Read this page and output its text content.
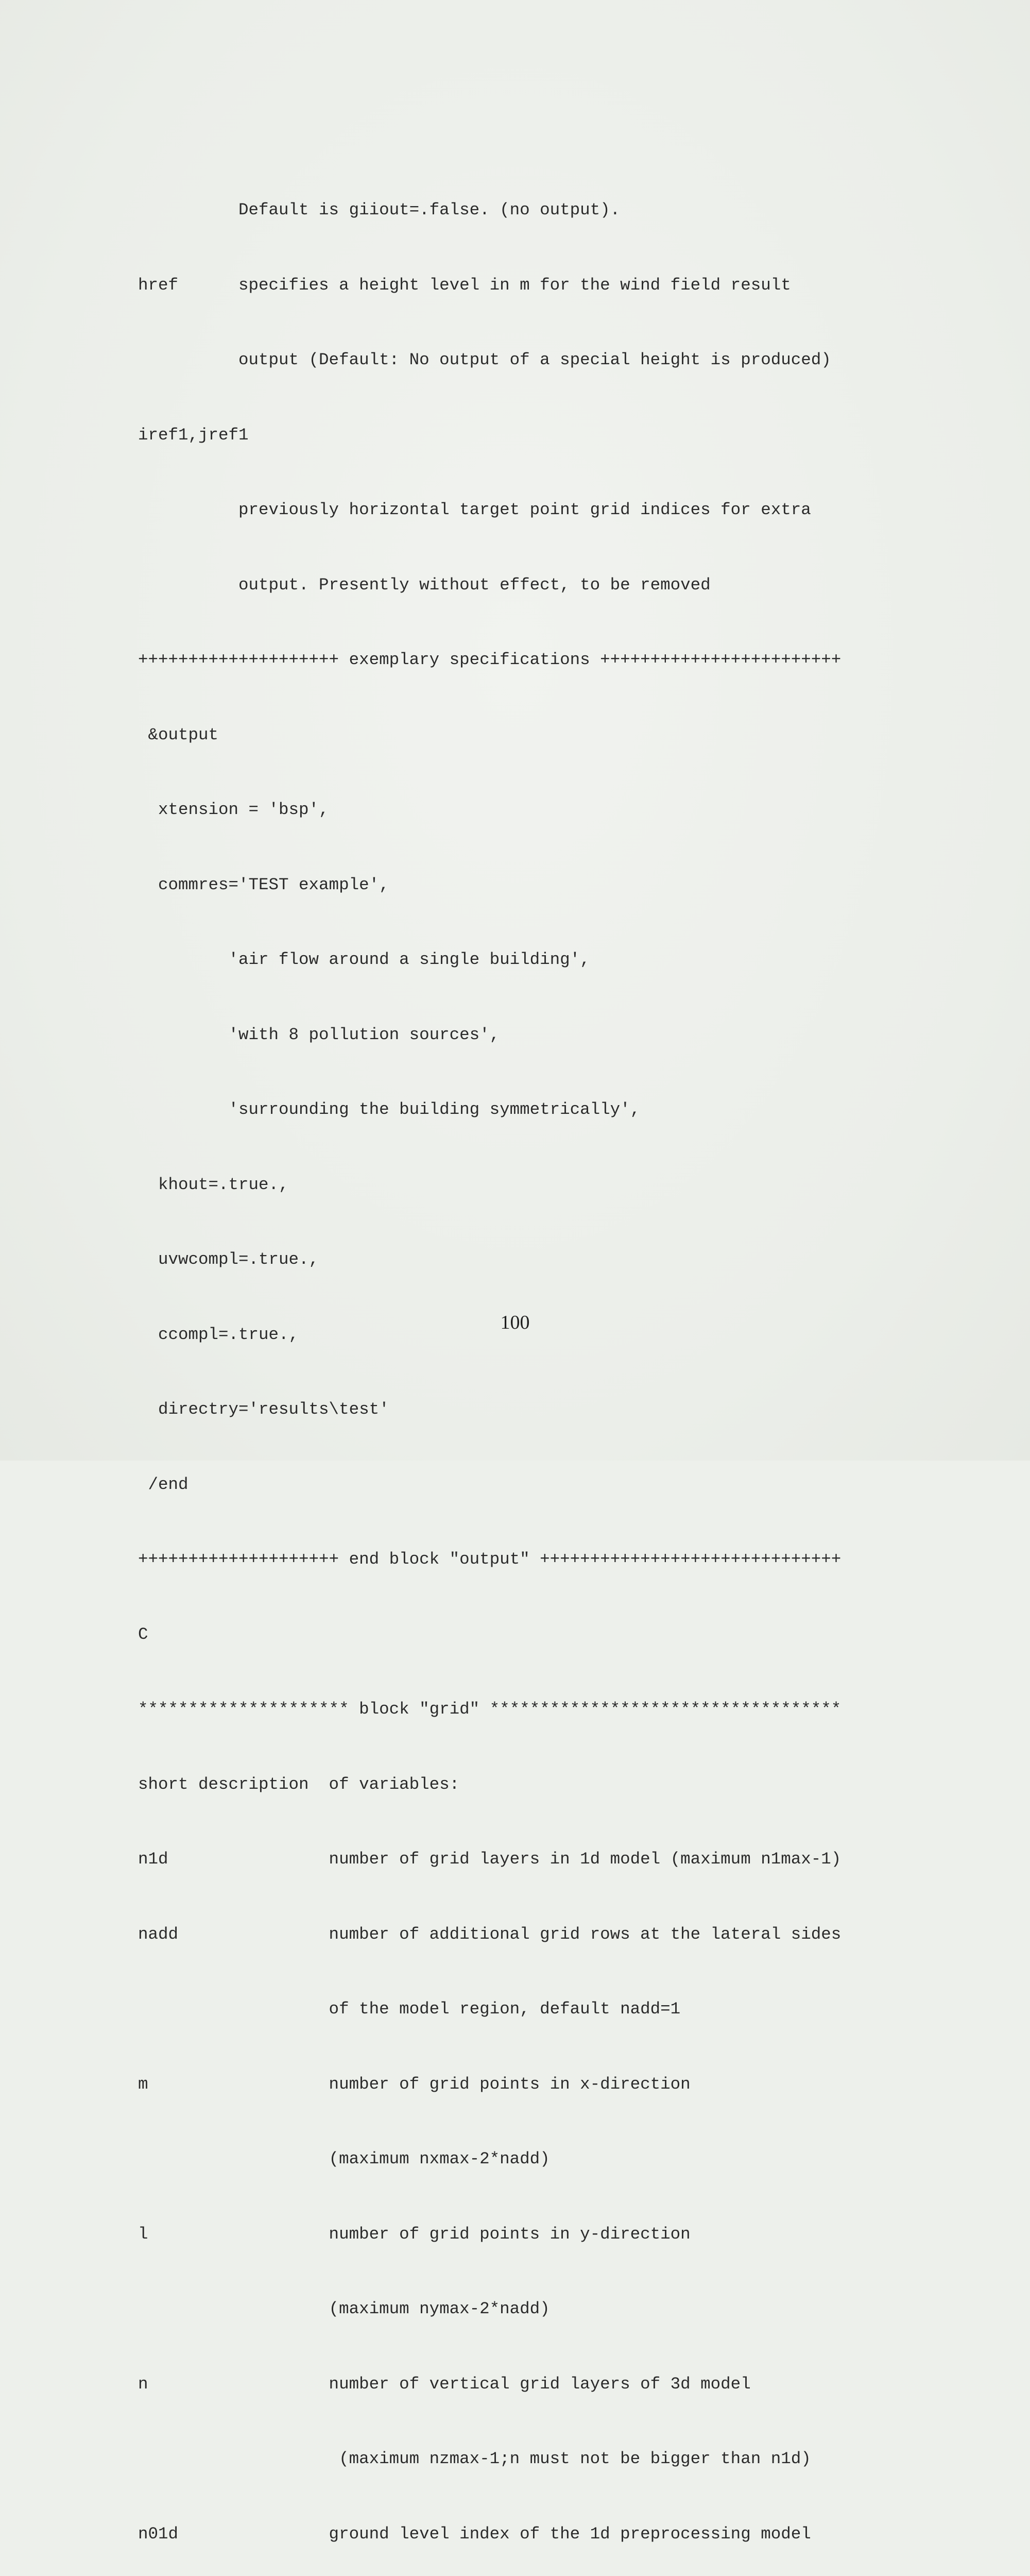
Default is giiout=.false. (no output).

href      specifies a height level in m for the wind field result

output (Default: No output of a special height is produced)

iref1,jref1

previously horizontal target point grid indices for extra

output. Presently without effect, to be removed

++++++++++++++++++++ exemplary specifications ++++++++++++++++++++++++

&output

xtension = 'bsp',

commres='TEST example',

'air flow around a single building',

'with 8 pollution sources',

'surrounding the building symmetrically',

khout=.true.,

uvwcompl=.true.,

ccompl=.true.,

directry='results\test'

/end

++++++++++++++++++++ end block "output" ++++++++++++++++++++++++++++++

C

********************* block "grid" ***********************************

short description  of variables:

n1d                number of grid layers in 1d model (maximum n1max-1)

nadd               number of additional grid rows at the lateral sides

of the model region, default nadd=1

m                  number of grid points in x-direction

(maximum nxmax-2*nadd)

l                  number of grid points in y-direction

(maximum nymax-2*nadd)

n                  number of vertical grid layers of 3d model

(maximum nzmax-1;n must not be bigger than n1d)

n01d               ground level index of the 1d preprocessing model

100
